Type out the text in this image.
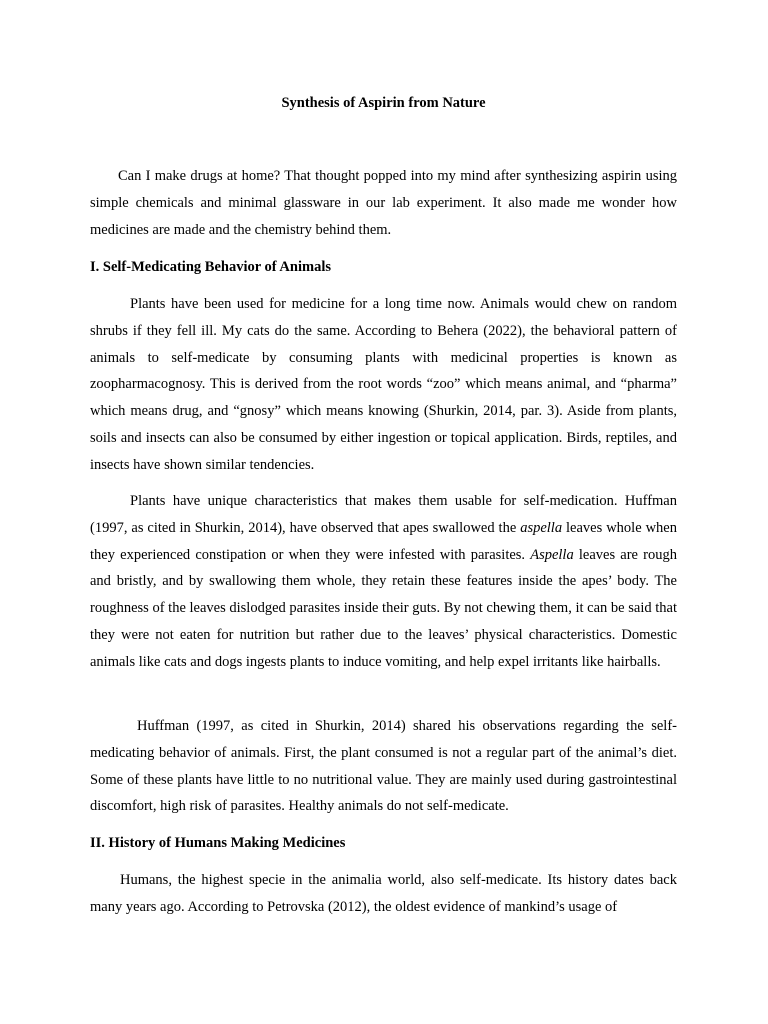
Synthesis of Aspirin from Nature

Can I make drugs at home? That thought popped into my mind after synthesizing aspirin using simple chemicals and minimal glassware in our lab experiment. It also made me wonder how medicines are made and the chemistry behind them.

I. Self-Medicating Behavior of Animals

Plants have been used for medicine for a long time now. Animals would chew on random shrubs if they fell ill. My cats do the same. According to Behera (2022), the behavioral pattern of animals to self-medicate by consuming plants with medicinal properties is known as zoopharmacognosy. This is derived from the root words “zoo” which means animal, and “pharma” which means drug, and “gnosy” which means knowing (Shurkin, 2014, par. 3). Aside from plants, soils and insects can also be consumed by either ingestion or topical application. Birds, reptiles, and insects have shown similar tendencies.

Plants have unique characteristics that makes them usable for self-medication. Huffman (1997, as cited in Shurkin, 2014), have observed that apes swallowed the aspella leaves whole when they experienced constipation or when they were infested with parasites. Aspella leaves are rough and bristly, and by swallowing them whole, they retain these features inside the apes’ body. The roughness of the leaves dislodged parasites inside their guts. By not chewing them, it can be said that they were not eaten for nutrition but rather due to the leaves’ physical characteristics. Domestic animals like cats and dogs ingests plants to induce vomiting, and help expel irritants like hairballs.

Huffman (1997, as cited in Shurkin, 2014) shared his observations regarding the self-medicating behavior of animals. First, the plant consumed is not a regular part of the animal’s diet. Some of these plants have little to no nutritional value. They are mainly used during gastrointestinal discomfort, high risk of parasites. Healthy animals do not self-medicate.

II. History of Humans Making Medicines

Humans, the highest specie in the animalia world, also self-medicate. Its history dates back many years ago. According to Petrovska (2012), the oldest evidence of mankind’s usage of
